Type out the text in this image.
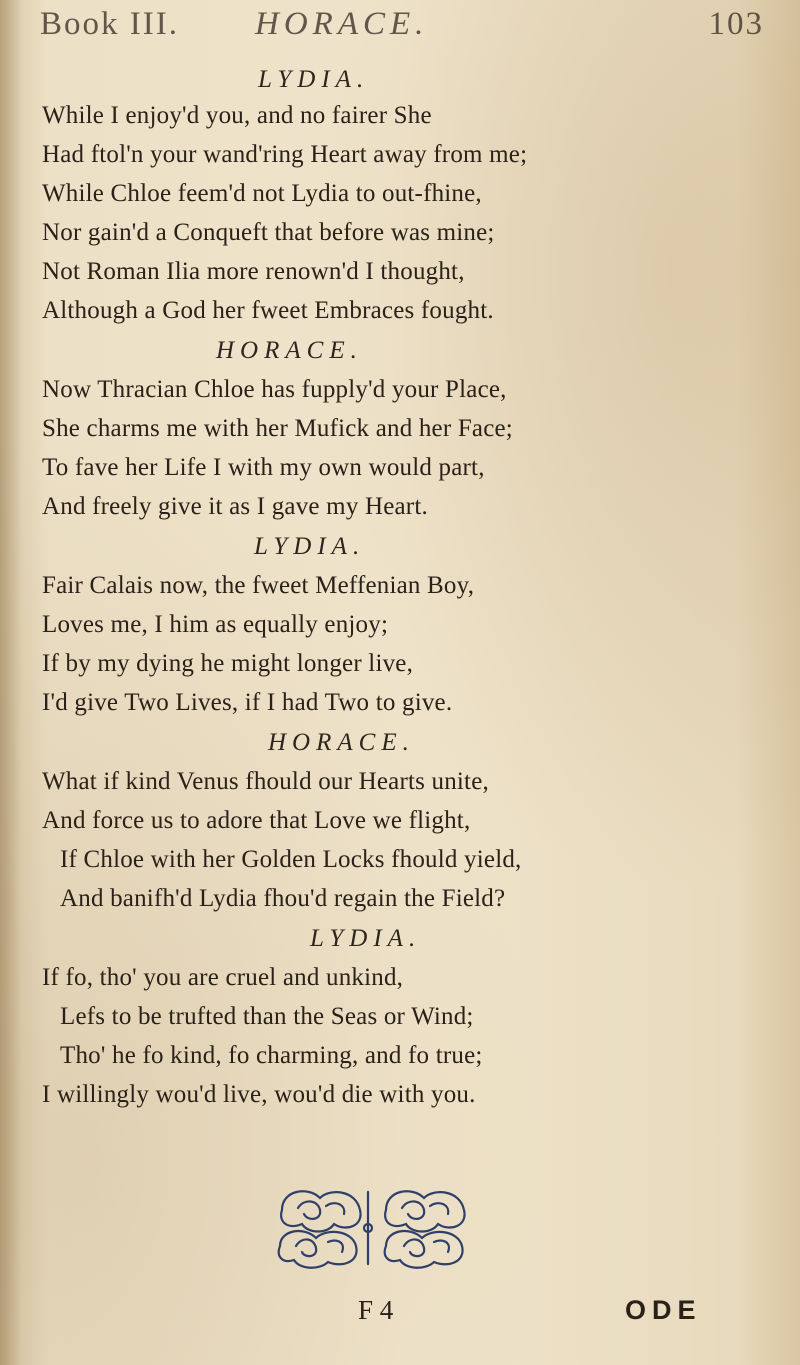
Book III. HORACE.	103
LYDIA.
While I enjoy'd you, and no fairer She
Had ftol'n your wand'ring Heart away from me;
While Chloe feem'd not Lydia to out-fhine,
Nor gain'd a Conqueft that before was mine;
Not Roman Ilia more renown'd I thought,
Although a God her fweet Embraces fought.
HORACE.
Now Thracian Chloe has fupply'd your Place,
She charms me with her Mufick and her Face;
To fave her Life I with my own would part,
And freely give it as I gave my Heart.
LYDIA.
Fair Calais now, the fweet Meffenian Boy,
Loves me, I him as equally enjoy;
If by my dying he might longer live,
I'd give Two Lives, if I had Two to give.
HORACE.
What if kind Venus fhould our Hearts unite,
And force us to adore that Love we flight,
If Chloe with her Golden Locks fhould yield,
And banifh'd Lydia fhou'd regain the Field?
LYDIA.
If fo, tho' you are cruel and unkind,
Lefs to be trufted than the Seas or Wind;
Tho' he fo kind, fo charming, and fo true;
I willingly wou'd live, wou'd die with you.
F 4	ODE
